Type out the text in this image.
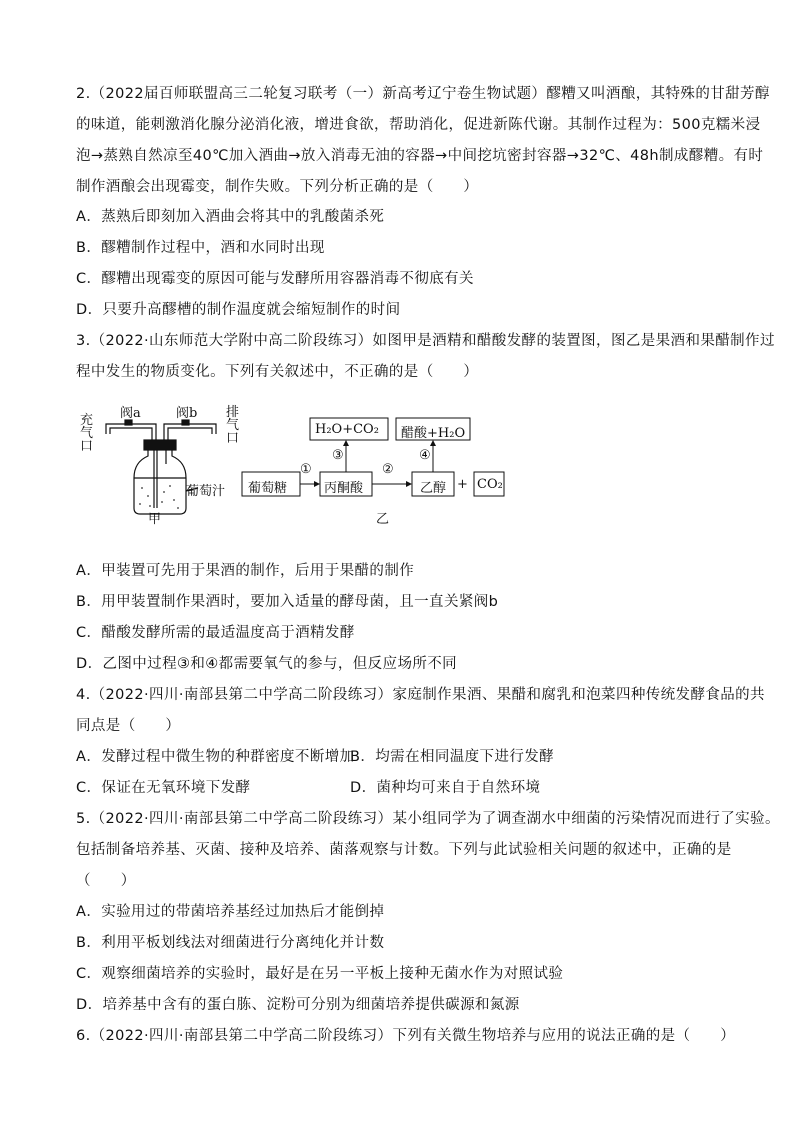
2.（2022届百师联盟高三二轮复习联考（一）新高考辽宁卷生物试题）醪糟又叫酒酿，其特殊的甘甜芳醇
的味道，能刺激消化腺分泌消化液，增进食欲，帮助消化，促进新陈代谢。其制作过程为：500克糯米浸
泡→蒸熟自然凉至40℃加入酒曲→放入消毒无油的容器→中间挖坑密封容器→32℃、48h制成醪糟。有时
制作酒酿会出现霉变，制作失败。下列分析正确的是（　　）
A．蒸熟后即刻加入酒曲会将其中的乳酸菌杀死
B．醪糟制作过程中，酒和水同时出现
C．醪糟出现霉变的原因可能与发酵所用容器消毒不彻底有关
D．只要升高醪槽的制作温度就会缩短制作的时间
3.（2022·山东师范大学附中高二阶段练习）如图甲是酒精和醋酸发酵的装置图，图乙是果酒和果醋制作过
程中发生的物质变化。下列有关叙述中，不正确的是（　　）
阀a	阀b
充
气
口
排
气
口
葡萄汁
甲
葡萄糖	丙酮酸	乙醇 + CO₂
H₂O+CO₂ 醋酸+H₂O
①	②
③	④
乙
A．甲装置可先用于果酒的制作，后用于果醋的制作
B．用甲装置制作果酒时，要加入适量的酵母菌，且一直关紧阀b
C．醋酸发酵所需的最适温度高于酒精发酵
D．乙图中过程③和④都需要氧气的参与，但反应场所不同
4.（2022·四川·南部县第二中学高二阶段练习）家庭制作果酒、果醋和腐乳和泡菜四种传统发酵食品的共
同点是（　　）
A．发酵过程中微生物的种群密度不断增加
B．均需在相同温度下进行发酵
C．保证在无氧环境下发酵	D．菌种均可来自于自然环境
5.（2022·四川·南部县第二中学高二阶段练习）某小组同学为了调查湖水中细菌的污染情况而进行了实验。
包括制备培养基、灭菌、接种及培养、菌落观察与计数。下列与此试验相关问题的叙述中，正确的是
（　　）
A．实验用过的带菌培养基经过加热后才能倒掉
B．利用平板划线法对细菌进行分离纯化并计数
C．观察细菌培养的实验时，最好是在另一平板上接种无菌水作为对照试验
D．培养基中含有的蛋白胨、淀粉可分别为细菌培养提供碳源和氮源
6.（2022·四川·南部县第二中学高二阶段练习）下列有关微生物培养与应用的说法正确的是（　　）
